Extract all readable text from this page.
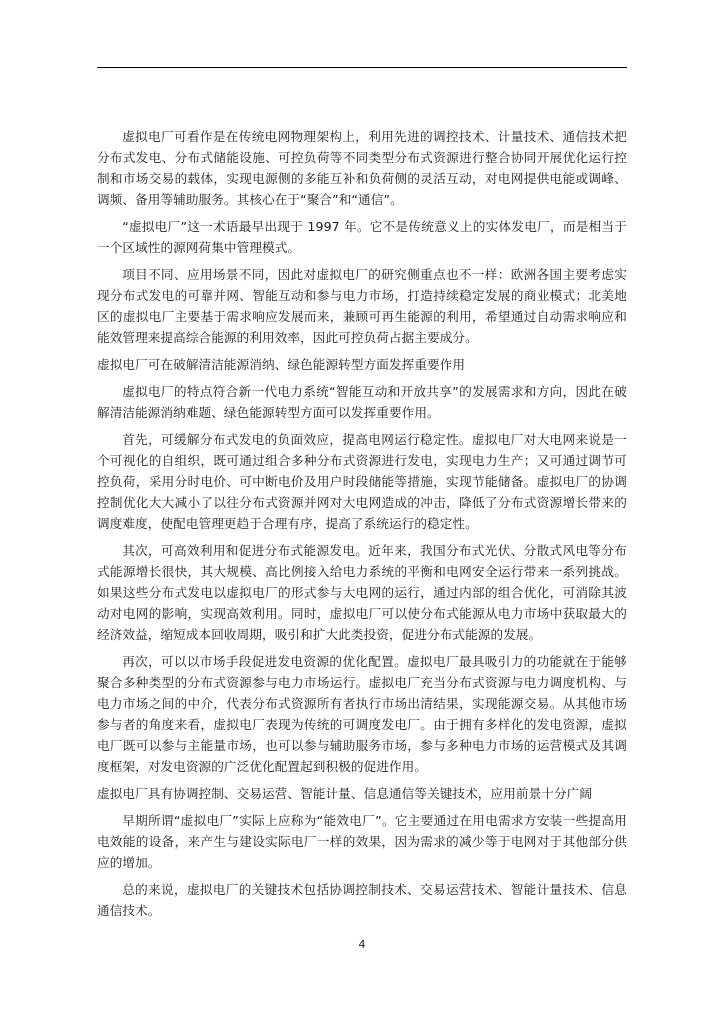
虚拟电厂可看作是在传统电网物理架构上，利用先进的调控技术、计量技术、通信技术把分布式发电、分布式储能设施、可控负荷等不同类型分布式资源进行整合协同开展优化运行控制和市场交易的载体，实现电源侧的多能互补和负荷侧的灵活互动，对电网提供电能或调峰、调频、备用等辅助服务。其核心在于“聚合”和“通信”。

“虚拟电厂”这一术语最早出现于 1997 年。它不是传统意义上的实体发电厂，而是相当于一个区域性的源网荷集中管理模式。

项目不同、应用场景不同，因此对虚拟电厂的研究侧重点也不一样：欧洲各国主要考虑实现分布式发电的可靠并网、智能互动和参与电力市场，打造持续稳定发展的商业模式；北美地区的虚拟电厂主要基于需求响应发展而来，兼顾可再生能源的利用，希望通过自动需求响应和能效管理来提高综合能源的利用效率，因此可控负荷占据主要成分。

虚拟电厂可在破解清洁能源消纳、绿色能源转型方面发挥重要作用

虚拟电厂的特点符合新一代电力系统“智能互动和开放共享”的发展需求和方向，因此在破解清洁能源消纳难题、绿色能源转型方面可以发挥重要作用。

首先，可缓解分布式发电的负面效应，提高电网运行稳定性。虚拟电厂对大电网来说是一个可视化的自组织，既可通过组合多种分布式资源进行发电，实现电力生产；又可通过调节可控负荷，采用分时电价、可中断电价及用户时段储能等措施，实现节能储备。虚拟电厂的协调控制优化大大减小了以往分布式资源并网对大电网造成的冲击，降低了分布式资源增长带来的调度难度，使配电管理更趋于合理有序，提高了系统运行的稳定性。

其次，可高效利用和促进分布式能源发电。近年来，我国分布式光伏、分散式风电等分布式能源增长很快，其大规模、高比例接入给电力系统的平衡和电网安全运行带来一系列挑战。如果这些分布式发电以虚拟电厂的形式参与大电网的运行，通过内部的组合优化，可消除其波动对电网的影响，实现高效利用。同时，虚拟电厂可以使分布式能源从电力市场中获取最大的经济效益，缩短成本回收周期，吸引和扩大此类投资，促进分布式能源的发展。

再次，可以以市场手段促进发电资源的优化配置。虚拟电厂最具吸引力的功能就在于能够聚合多种类型的分布式资源参与电力市场运行。虚拟电厂充当分布式资源与电力调度机构、与电力市场之间的中介，代表分布式资源所有者执行市场出清结果，实现能源交易。从其他市场参与者的角度来看，虚拟电厂表现为传统的可调度发电厂。由于拥有多样化的发电资源，虚拟电厂既可以参与主能量市场，也可以参与辅助服务市场，参与多种电力市场的运营模式及其调度框架，对发电资源的广泛优化配置起到积极的促进作用。

虚拟电厂具有协调控制、交易运营、智能计量、信息通信等关键技术，应用前景十分广阔

早期所谓“虚拟电厂”实际上应称为“能效电厂”。它主要通过在用电需求方安装一些提高用电效能的设备，来产生与建设实际电厂一样的效果，因为需求的减少等于电网对于其他部分供应的增加。

总的来说，虚拟电厂的关键技术包括协调控制技术、交易运营技术、智能计量技术、信息通信技术。

4
